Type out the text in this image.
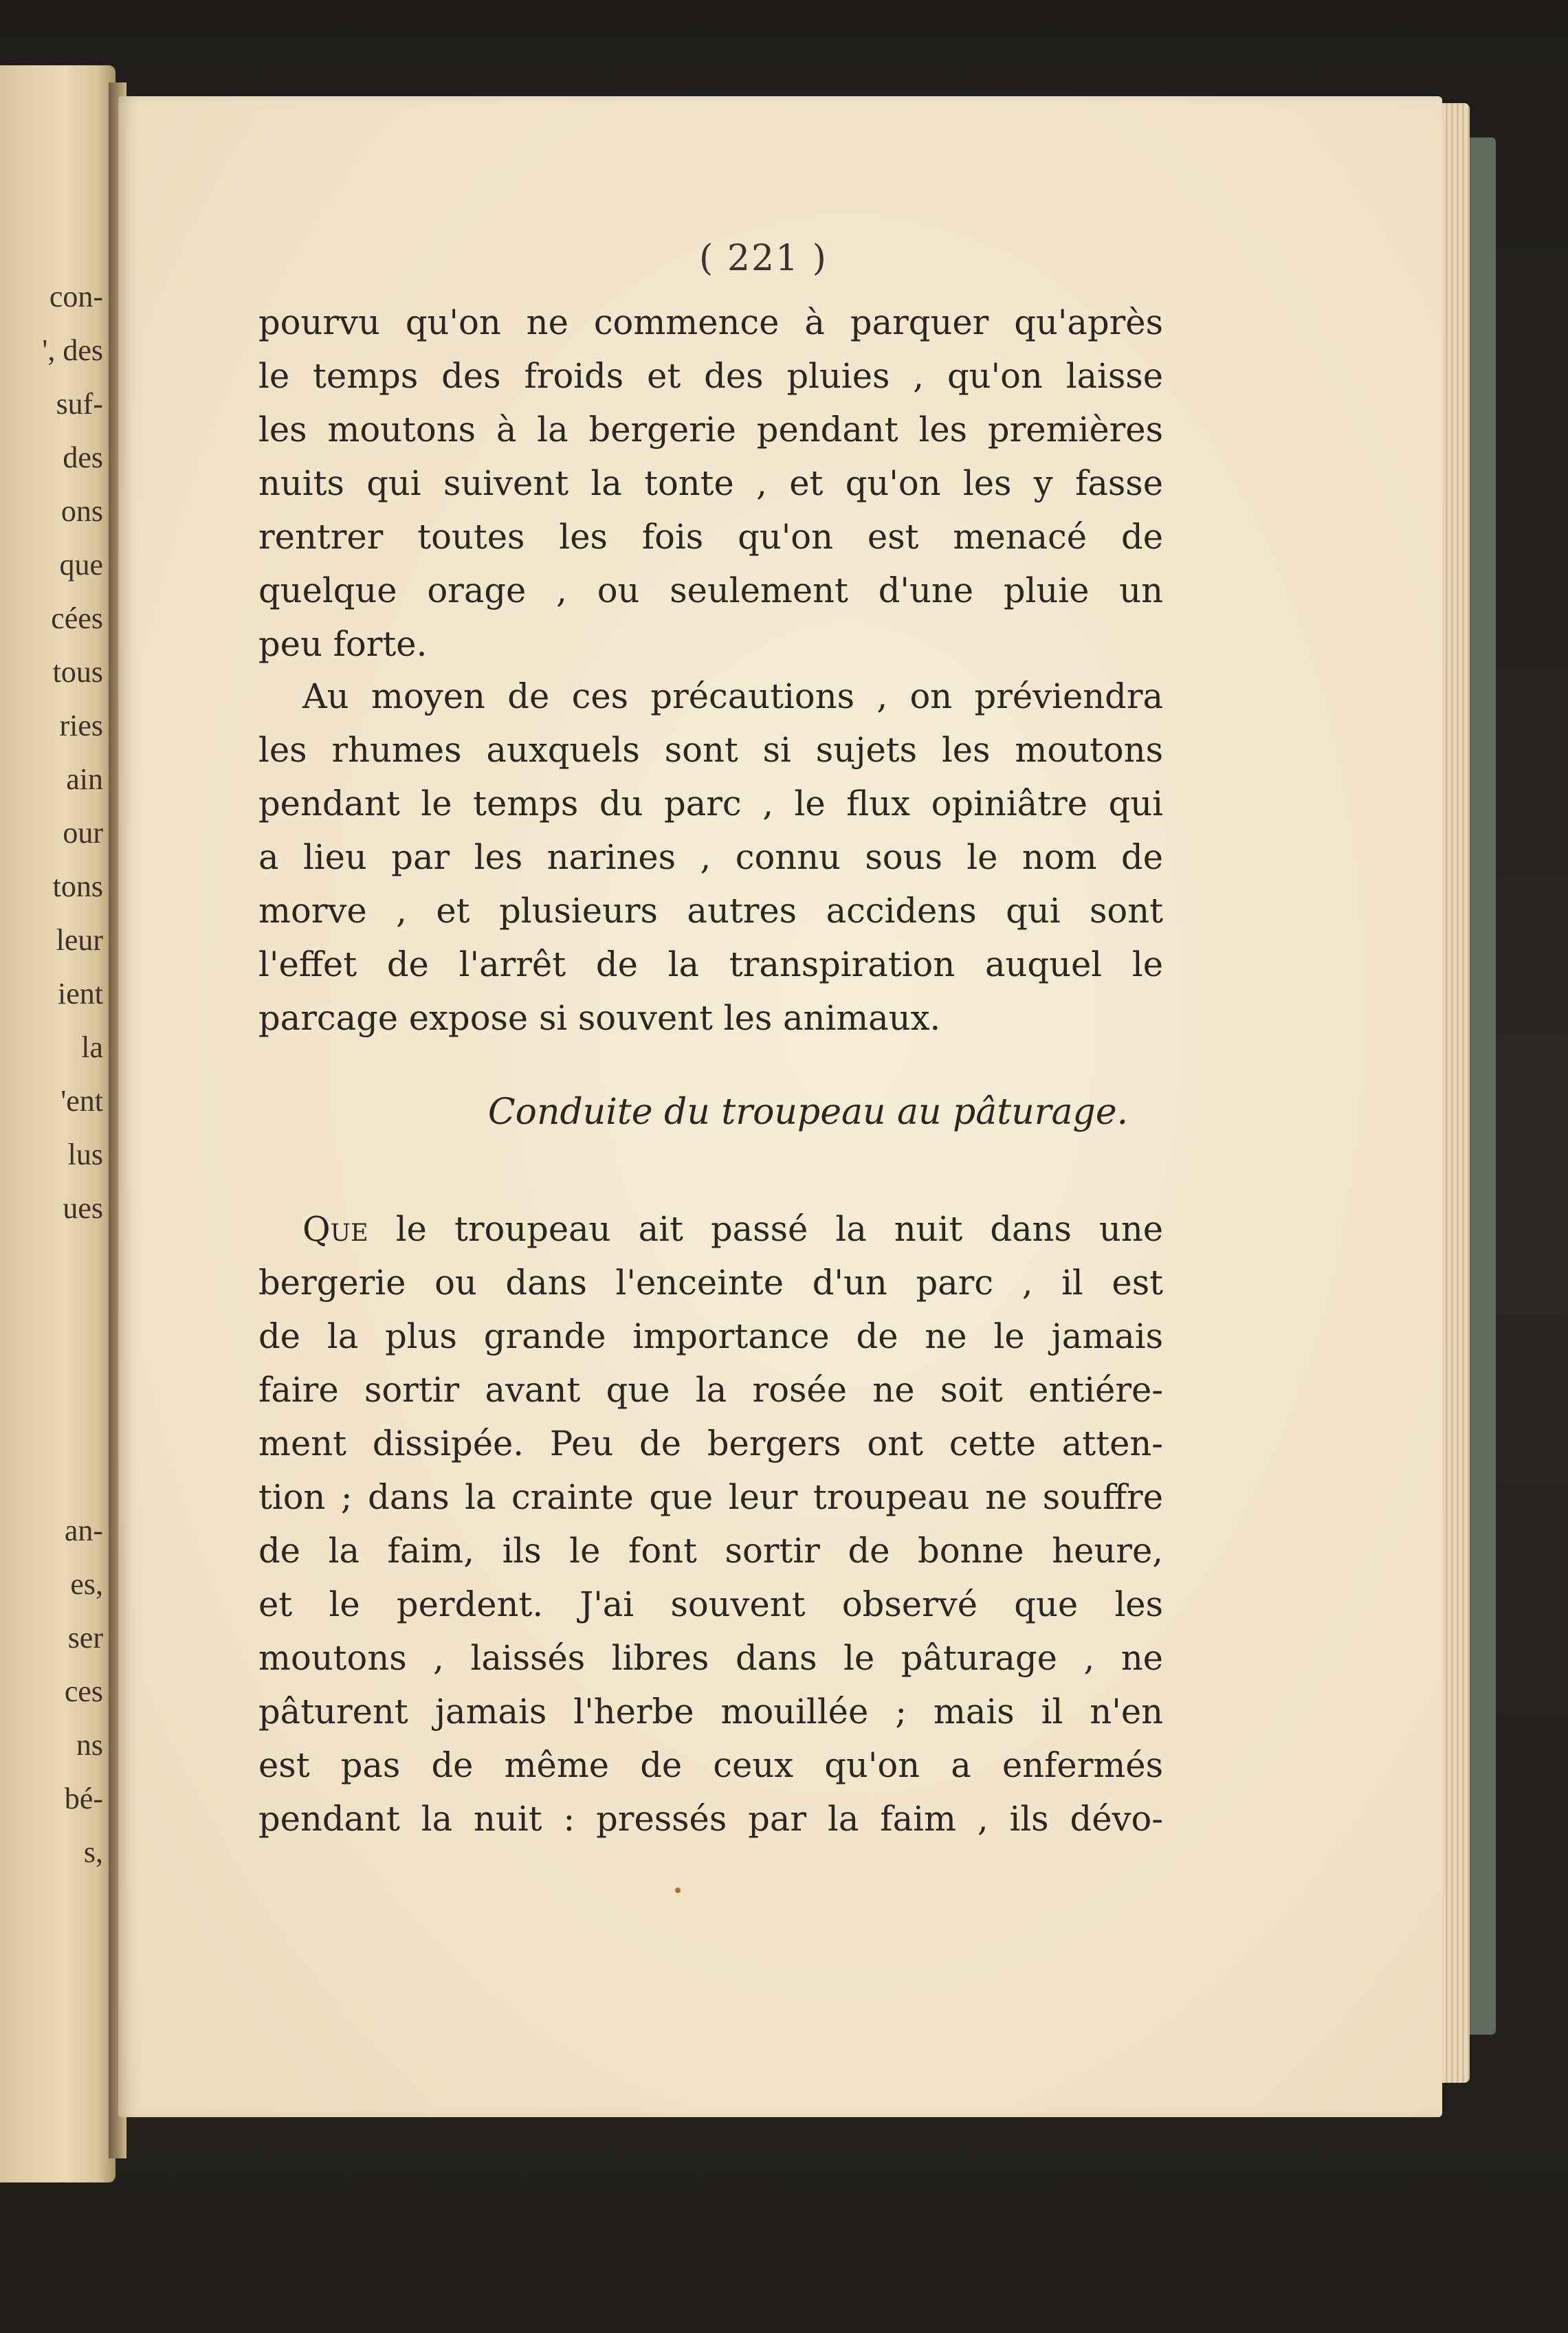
con-
', des
suf-
des
ons
que
cées
tous
ries
ain
our
tons
leur
ient
la
'ent
lus
ues
an-
es,
ser
ces
ns
bé-
s,
( 221 )
pourvu qu'on ne commence à parquer qu'après
le temps des froids et des pluies , qu'on laisse
les moutons à la bergerie pendant les premières
nuits qui suivent la tonte , et qu'on les y fasse
rentrer toutes les fois qu'on est menacé de
quelque orage , ou seulement d'une pluie un
peu forte.
Au moyen de ces précautions , on préviendra
les rhumes auxquels sont si sujets les moutons
pendant le temps du parc , le flux opiniâtre qui
a lieu par les narines , connu sous le nom de
morve , et plusieurs autres accidens qui sont
l'effet de l'arrêt de la transpiration auquel le
parcage expose si souvent les animaux.
Conduite du troupeau au pâturage.
Que le troupeau ait passé la nuit dans une
bergerie ou dans l'enceinte d'un parc , il est
de la plus grande importance de ne le jamais
faire sortir avant que la rosée ne soit entiére-
ment dissipée. Peu de bergers ont cette atten-
tion ; dans la crainte que leur troupeau ne souffre
de la faim, ils le font sortir de bonne heure,
et le perdent. J'ai souvent observé que les
moutons , laissés libres dans le pâturage , ne
pâturent jamais l'herbe mouillée ; mais il n'en
est pas de même de ceux qu'on a enfermés
pendant la nuit : pressés par la faim , ils dévo-
